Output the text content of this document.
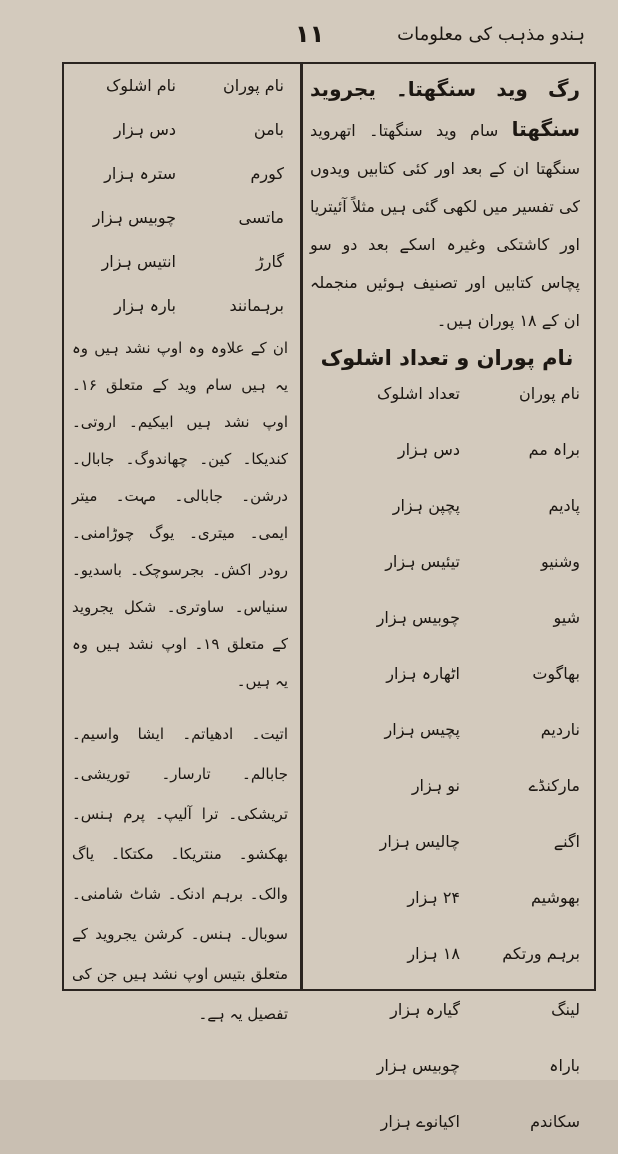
ہندو مذہب کی معلومات
۱۱
رگ وید سنگھتا۔ یجروید سنگھتا سام وید سنگھتا۔ اتھروید سنگھتا ان کے بعد اور کئی کتابیں ویدوں کی تفسیر میں لکھی گئی ہیں مثلاً آئیتریا اور کاشتکی وغیرہ اسکے بعد دو سو پچاس کتابیں اور تصنیف ہوئیں منجملہ ان کے ۱۸ پوران ہیں۔
نام پوران و تعداد اشلوک
نام پوران
تعداد اشلوک
براہ مم
دس ہزار
پادیم
پچپن ہزار
وشنیو
تیئیس ہزار
شیو
چوبیس ہزار
بھاگوت
اٹھارہ ہزار
ناردیم
پچیس ہزار
مارکنڈے
نو ہزار
اگنے
چالیس ہزار
بھوشیم
۲۴ ہزار
برہم ورتکم
۱۸ ہزار
لینگ
گیارہ ہزار
باراہ
چوبیس ہزار
سکاندم
اکیانوے ہزار
نام پوران
نام اشلوک
بامن
دس ہزار
کورم
سترہ ہزار
ماتسی
چوبیس ہزار
گارڑ
انتیس ہزار
برہمانند
بارہ ہزار
ان کے علاوہ وہ اوپ نشد ہیں وہ یہ ہیں سام وید کے متعلق ۱۶۔ اوپ نشد ہیں ابیکیم۔ اروتی۔ کندیکا۔ کین۔ چھاندوگ۔ جابال۔ درشن۔ جابالی۔ مہت۔ میتر ایمی۔ میتری۔ یوگ چوڑامنی۔ رودر اکش۔ بجرسوچک۔ باسدیو۔ سنیاس۔ ساوتری۔ شکل یجروید کے متعلق ۱۹۔ اوپ نشد ہیں وہ یہ ہیں۔
اتیت۔ ادھیاتم۔ ایشا واسیم۔ جابالم۔ تارسار۔ توریشی۔ تریشکی۔ ترا آلیپ۔ پرم ہنس۔ بھکشو۔ منتریکا۔ مکتکا۔ یاگ والک۔ برہم ادنک۔ شاٹ شامنی۔ سوبال۔ ہنس۔ کرشن یجروید کے متعلق بتیس اوپ نشد ہیں جن کی تفصیل یہ ہے۔
